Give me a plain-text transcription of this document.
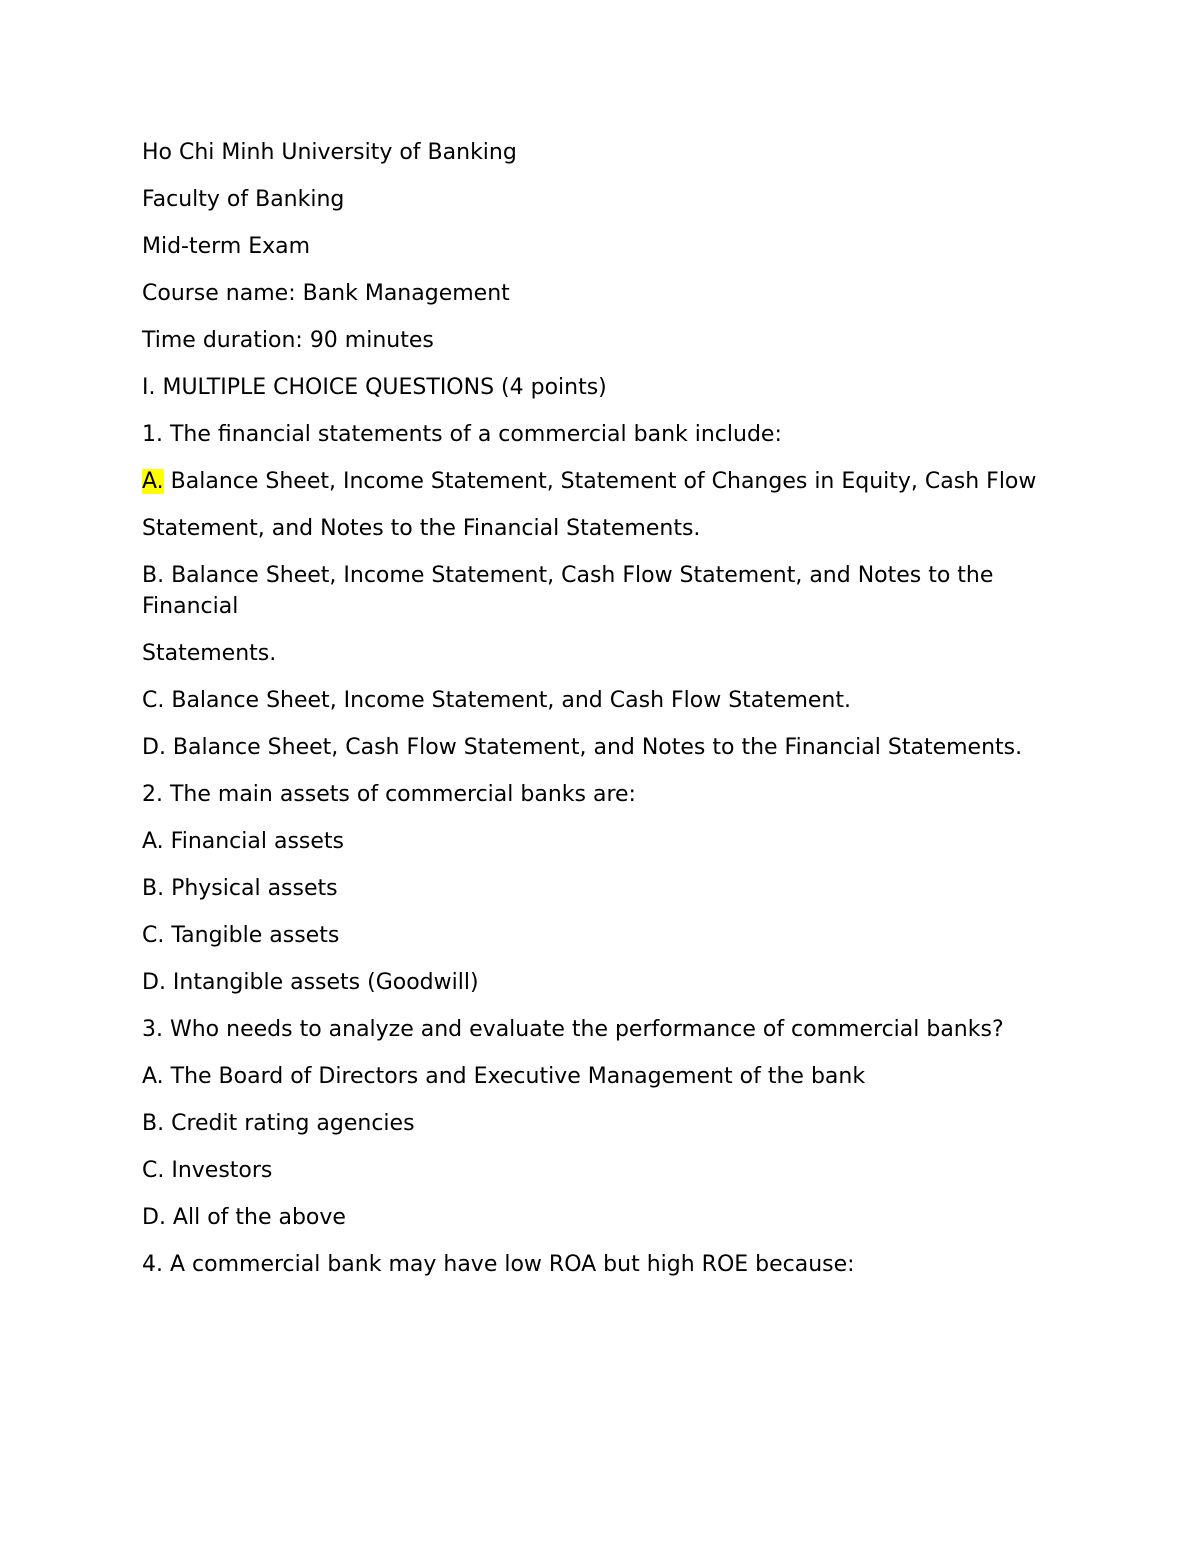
Ho Chi Minh University of Banking

Faculty of Banking

Mid-term Exam

Course name: Bank Management

Time duration: 90 minutes

I. MULTIPLE CHOICE QUESTIONS (4 points)

1. The financial statements of a commercial bank include:

A. Balance Sheet, Income Statement, Statement of Changes in Equity, Cash Flow

Statement, and Notes to the Financial Statements.

B. Balance Sheet, Income Statement, Cash Flow Statement, and Notes to the Financial

Statements.

C. Balance Sheet, Income Statement, and Cash Flow Statement.

D. Balance Sheet, Cash Flow Statement, and Notes to the Financial Statements.

2. The main assets of commercial banks are:

A. Financial assets

B. Physical assets

C. Tangible assets

D. Intangible assets (Goodwill)

3. Who needs to analyze and evaluate the performance of commercial banks?

A. The Board of Directors and Executive Management of the bank

B. Credit rating agencies

C. Investors

D. All of the above

4. A commercial bank may have low ROA but high ROE because:
